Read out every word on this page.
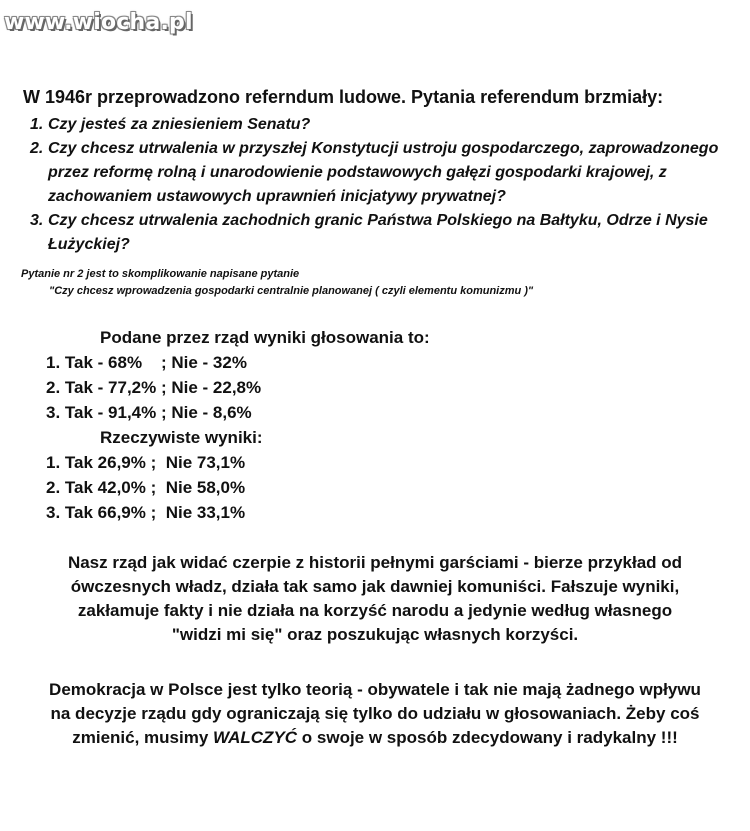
www.wiocha.pl
W 1946r przeprowadzono referndum ludowe. Pytania referendum brzmiały:
1. Czy jesteś za zniesieniem Senatu?
2. Czy chcesz utrwalenia w przyszłej Konstytucji ustroju gospodarczego, zaprowadzonego
przez reformę rolną i unarodowienie podstawowych gałęzi gospodarki krajowej, z
zachowaniem ustawowych uprawnień inicjatywy prywatnej?
3. Czy chcesz utrwalenia zachodnich granic Państwa Polskiego na Bałtyku, Odrze i Nysie
Łużyckiej?
Pytanie nr 2 jest to skomplikowanie napisane pytanie
"Czy chcesz wprowadzenia gospodarki centralnie planowanej ( czyli elementu komunizmu )"
Podane przez rząd wyniki głosowania to:
1. Tak - 68%    ; Nie - 32%
2. Tak - 77,2% ; Nie - 22,8%
3. Tak - 91,4% ; Nie - 8,6%
Rzeczywiste wyniki:
1. Tak 26,9% ;  Nie 73,1%
2. Tak 42,0% ;  Nie 58,0%
3. Tak 66,9% ;  Nie 33,1%
Nasz rząd jak widać czerpie z historii pełnymi garściami - bierze przykład od
ówczesnych władz, działa tak samo jak dawniej komuniści. Fałszuje wyniki,
zakłamuje fakty i nie działa na korzyść narodu a jedynie według własnego
"widzi mi się" oraz poszukując własnych korzyści.
Demokracja w Polsce jest tylko teorią - obywatele i tak nie mają żadnego wpływu
na decyzje rządu gdy ograniczają się tylko do udziału w głosowaniach. Żeby coś
zmienić, musimy WALCZYĆ o swoje w sposób zdecydowany i radykalny !!!
